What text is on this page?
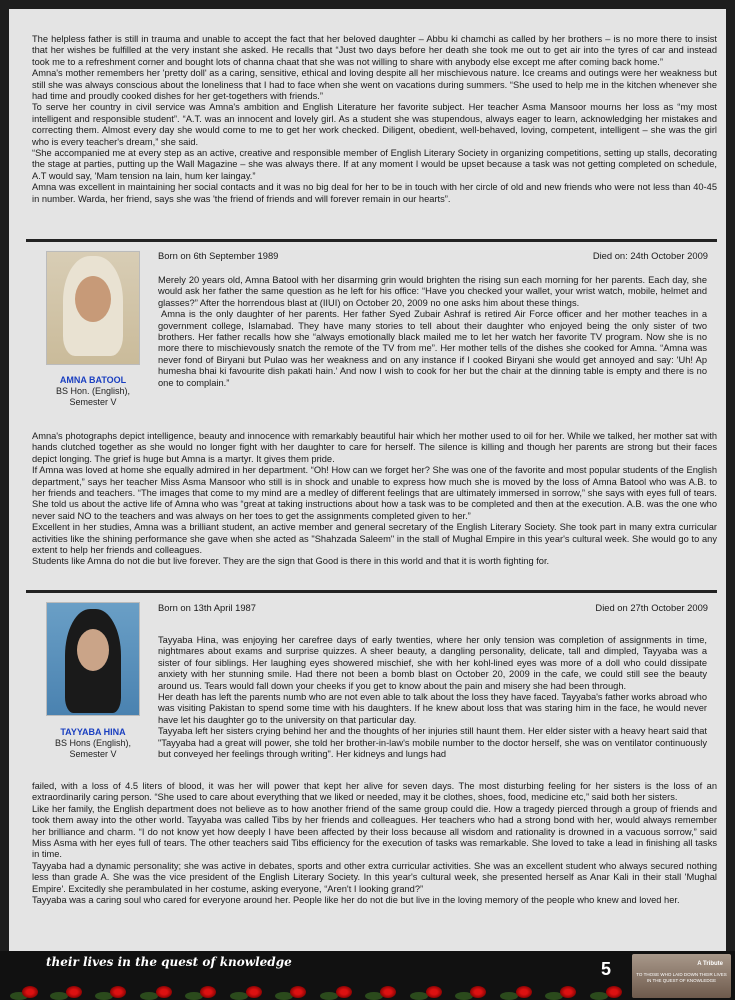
The helpless father is still in trauma and unable to accept the fact that her beloved daughter – Abbu ki chamchi as called by her brothers – is no more there to insist that her wishes be fulfilled at the very instant she asked. He recalls that “Just two days before her death she took me out to get air into the tyres of car and instead took me to a refreshment corner and bought lots of channa chaat that she was not willing to share with anybody else except me after coming back home.”

Amna's mother remembers her 'pretty doll' as a caring, sensitive, ethical and loving despite all her mischievous nature. Ice creams and outings were her weakness but still she was always conscious about the loneliness that I had to face when she went on vacations during summers. “She used to help me in the kitchen whenever she had time and proudly cooked dishes for her get-togethers with friends.”

To serve her country in civil service was Amna's ambition and English Literature her favorite subject. Her teacher Asma Mansoor mourns her loss as “my most intelligent and responsible student”. “A.T. was an innocent and lovely girl. As a student she was stupendous, always eager to learn, acknowledging her mistakes and correcting them. Almost every day she would come to me to get her work checked. Diligent, obedient, well-behaved, loving, competent, intelligent – she was the girl who is every teacher's dream,” she said.

“She accompanied me at every step as an active, creative and responsible member of English Literary Society in organizing competitions, setting up stalls, decorating the stage at parties, putting up the Wall Magazine – she was always there. If at any moment I would be upset because a task was not getting completed on schedule, A.T would say, 'Mam tension na lain, hum ker laingay.”

Amna was excellent in maintaining her social contacts and it was no big deal for her to be in touch with her circle of old and new friends who were not less than 40-45 in number. Warda, her friend, says she was 'the friend of friends and will forever remain in our hearts”.

AMNA BATOOL
BS Hon. (English),
Semester V
Born on 6th September 1989	Died on: 24th October 2009

Merely 20 years old, Amna Batool with her disarming grin would brighten the rising sun each morning for her parents. Each day, she would ask her father the same question as he left for his office: “Have you checked your wallet, your wrist watch, mobile, helmet and glasses?” After the horrendous blast at (IIUI) on October 20, 2009 no one asks him about these things.

Amna is the only daughter of her parents. Her father Syed Zubair Ashraf is retired Air Force officer and her mother teaches in a government college, Islamabad. They have many stories to tell about their daughter who enjoyed being the only sister of two brothers. Her father recalls how she “always emotionally black mailed me to let her watch her favorite TV program. Now she is no more there to mischievously snatch the remote of the TV from me”. Her mother tells of the dishes she cooked for Amna. “Amna was never fond of Biryani but Pulao was her weakness and on any instance if I cooked Biryani she would get annoyed and say: 'Uh! Ap humesha bhai ki favourite dish pakati hain.' And now I wish to cook for her but the chair at the dinning table is empty and there is no one to complain.”

Amna's photographs depict intelligence, beauty and innocence with remarkably beautiful hair which her mother used to oil for her. While we talked, her mother sat with hands clutched together as she would no longer fight with her daughter to care for herself. The silence is killing and though her parents are strong but their faces depict longing. The grief is huge but Amna is a martyr. It gives them pride.

If Amna was loved at home she equally admired in her department. “Oh! How can we forget her? She was one of the favorite and most popular students of the English department,” says her teacher Miss Asma Mansoor who still is in shock and unable to express how much she is moved by the loss of Amna Batool who was A.B. to her friends and teachers. “The images that come to my mind are a medley of different feelings that are ultimately immersed in sorrow,” she says with eyes full of tears. She told us about the active life of Amna who was “great at taking instructions about how a task was to be completed and then at the execution. A.B. was the one who never said NO to the teachers and was always on her toes to get the assignments completed given to her.”

Excellent in her studies, Amna was a brilliant student, an active member and general secretary of the English Literary Society. She took part in many extra curricular activities like the shining performance she gave when she acted as "Shahzada Saleem" in the stall of Mughal Empire in this year's cultural week. She would go to any extent to help her friends and colleagues.

Students like Amna do not die but live forever. They are the sign that Good is there in this world and that it is worth fighting for.

TAYYABA HINA
BS Hons (English),
Semester V
Born on 13th April 1987	Died on 27th October 2009

Tayyaba Hina, was enjoying her carefree days of early twenties, where her only tension was completion of assignments in time, nightmares about exams and surprise quizzes. A sheer beauty, a dangling personality, delicate, tall and dimpled, Tayyaba was a sister of four siblings. Her laughing eyes showered mischief, she with her kohl-lined eyes was more of a doll who could dissipate anxiety with her stunning smile. Had there not been a bomb blast on October 20, 2009 in the cafe, we could still see the beauty around us. Tears would fall down your cheeks if you get to know about the pain and misery she had been through.

Her death has left the parents numb who are not even able to talk about the loss they have faced. Tayyaba's father works abroad who was visiting Pakistan to spend some time with his daughters. If he knew about loss that was staring him in the face, he would never have let his daughter go to the university on that particular day.

Tayyaba left her sisters crying behind her and the thoughts of her injuries still haunt them. Her elder sister with a heavy heart said that "Tayyaba had a great will power, she told her brother-in-law's mobile number to the doctor herself, she was on ventilator continuously but conveyed her feelings through writing". Her kidneys and lungs had

failed, with a loss of 4.5 liters of blood, it was her will power that kept her alive for seven days. The most disturbing feeling for her sisters is the loss of an extraordinarily caring person. “She used to care about everything that we liked or needed, may it be clothes, shoes, food, medicine etc,” said both her sisters.

Like her family, the English department does not believe as to how another friend of the same group could die. How a tragedy pierced through a group of friends and took them away into the other world. Tayyaba was called Tibs by her friends and colleagues. Her teachers who had a strong bond with her, would always remember her brilliance and charm. “I do not know yet how deeply I have been affected by their loss because all wisdom and rationality is drowned in a vacuous sorrow,” said Miss Asma with her eyes full of tears. The other teachers said Tibs efficiency for the execution of tasks was remarkable. She loved to take a lead in finishing all tasks in time.

Tayyaba had a dynamic personality; she was active in debates, sports and other extra curricular activities. She was an excellent student who always secured nothing less than grade A. She was the vice president of the English Literary Society. In this year's cultural week, she presented herself as Anar Kali in their stall 'Mughal Empire'. Excitedly she perambulated in her costume, asking everyone, “Aren't I looking grand?”

Tayyaba was a caring soul who cared for everyone around her. People like her do not die but live in the loving memory of the people who knew and loved her.

their lives in the quest of knowledge	5	A Tribute
TO THOSE WHO LAID DOWN THEIR LIVES IN THE QUEST OF KNOWLEDGE
